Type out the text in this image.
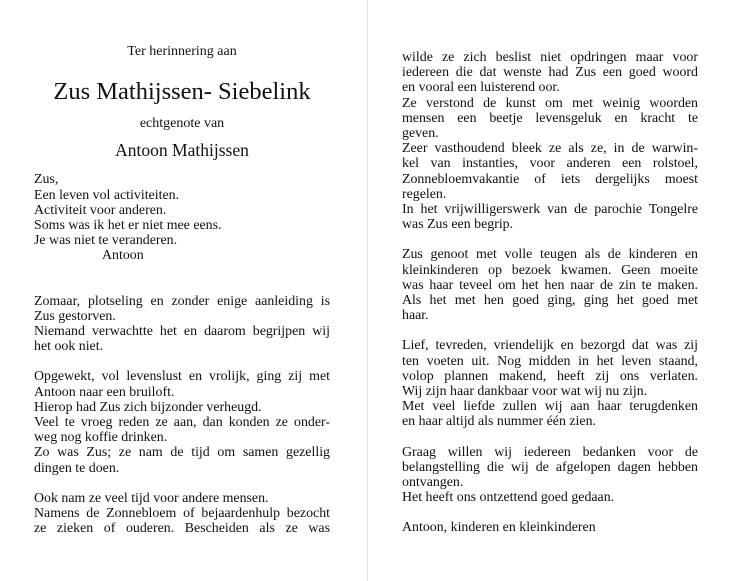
Ter herinnering aan

Zus Mathijssen- Siebelink

echtgenote van

Antoon Mathijssen

Zus,
Een leven vol activiteiten.
Activiteit voor anderen.
Soms was ik het er niet mee eens.
Je was niet te veranderen.
Antoon
Zomaar, plotseling en zonder enige aanleiding is
Zus gestorven.
Niemand verwachtte het en daarom begrijpen wij
het ook niet.
Opgewekt, vol levenslust en vrolijk, ging zij met
Antoon naar een bruiloft.
Hierop had Zus zich bijzonder verheugd.
Veel te vroeg reden ze aan, dan konden ze onder-
weg nog koffie drinken.
Zo was Zus; ze nam de tijd om samen gezellig
dingen te doen.
Ook nam ze veel tijd voor andere mensen.
Namens de Zonnebloem of bejaardenhulp bezocht
ze zieken of ouderen. Bescheiden als ze was
wilde ze zich beslist niet opdringen maar voor
iedereen die dat wenste had Zus een goed woord
en vooral een luisterend oor.
Ze verstond de kunst om met weinig woorden
mensen een beetje levensgeluk en kracht te
geven.
Zeer vasthoudend bleek ze als ze, in de warwin-
kel van instanties, voor anderen een rolstoel,
Zonnebloemvakantie of iets dergelijks moest
regelen.
In het vrijwilligerswerk van de parochie Tongelre
was Zus een begrip.
Zus genoot met volle teugen als de kinderen en
kleinkinderen op bezoek kwamen. Geen moeite
was haar teveel om het hen naar de zin te maken.
Als het met hen goed ging, ging het goed met
haar.
Lief, tevreden, vriendelijk en bezorgd dat was zij
ten voeten uit. Nog midden in het leven staand,
volop plannen makend, heeft zij ons verlaten.
Wij zijn haar dankbaar voor wat wij nu zijn.
Met veel liefde zullen wij aan haar terugdenken
en haar altijd als nummer één zien.
Graag willen wij iedereen bedanken voor de
belangstelling die wij de afgelopen dagen hebben
ontvangen.
Het heeft ons ontzettend goed gedaan.
Antoon, kinderen en kleinkinderen
